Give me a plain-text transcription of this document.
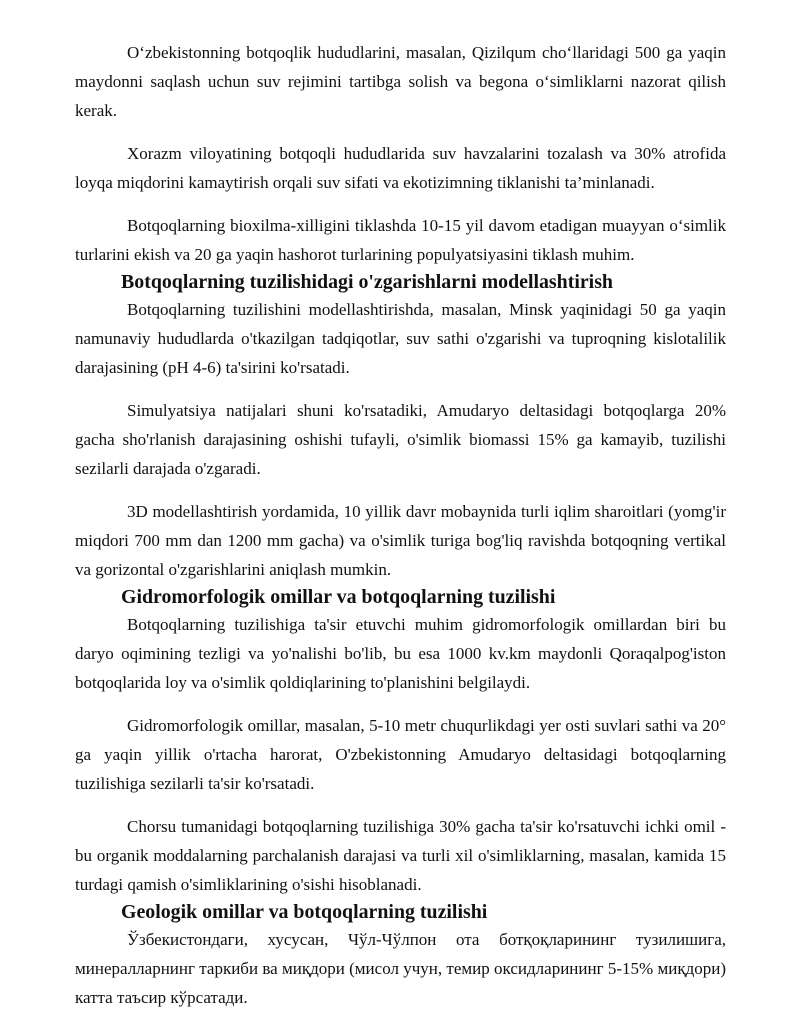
Oʻzbekistonning botqoqlik hududlarini, masalan, Qizilqum choʻllaridagi 500 ga yaqin maydonni saqlash uchun suv rejimini tartibga solish va begona oʻsimliklarni nazorat qilish kerak.

Xorazm viloyatining botqoqli hududlarida suv havzalarini tozalash va 30% atrofida loyqa miqdorini kamaytirish orqali suv sifati va ekotizimning tiklanishi ta’minlanadi.

Botqoqlarning bioxilma-xilligini tiklashda 10-15 yil davom etadigan muayyan oʻsimlik turlarini ekish va 20 ga yaqin hashorot turlarining populyatsiyasini tiklash muhim.

Botqoqlarning tuzilishidagi o'zgarishlarni modellashtirish

Botqoqlarning tuzilishini modellashtirishda, masalan, Minsk yaqinidagi 50 ga yaqin namunaviy hududlarda o'tkazilgan tadqiqotlar, suv sathi o'zgarishi va tuproqning kislotalilik darajasining (pH 4-6) ta'sirini ko'rsatadi.

Simulyatsiya natijalari shuni ko'rsatadiki, Amudaryo deltasidagi botqoqlarga 20% gacha sho'rlanish darajasining oshishi tufayli, o'simlik biomassi 15% ga kamayib, tuzilishi sezilarli darajada o'zgaradi.

3D modellashtirish yordamida, 10 yillik davr mobaynida turli iqlim sharoitlari (yomg'ir miqdori 700 mm dan 1200 mm gacha) va o'simlik turiga bog'liq ravishda botqoqning vertikal va gorizontal o'zgarishlarini aniqlash mumkin.

Gidromorfologik omillar va botqoqlarning tuzilishi

Botqoqlarning tuzilishiga ta'sir etuvchi muhim gidromorfologik omillardan biri bu daryo oqimining tezligi va yo'nalishi bo'lib, bu esa 1000 kv.km maydonli Qoraqalpog'iston botqoqlarida loy va o'simlik qoldiqlarining to'planishini belgilaydi.

Gidromorfologik omillar, masalan, 5-10 metr chuqurlikdagi yer osti suvlari sathi va 20° ga yaqin yillik o'rtacha harorat, O'zbekistonning Amudaryo deltasidagi botqoqlarning tuzilishiga sezilarli ta'sir ko'rsatadi.

Chorsu tumanidagi botqoqlarning tuzilishiga 30% gacha ta'sir ko'rsatuvchi ichki omil - bu organik moddalarning parchalanish darajasi va turli xil o'simliklarning, masalan, kamida 15 turdagi qamish o'simliklarining o'sishi hisoblanadi.

Geologik omillar va botqoqlarning tuzilishi

Ўзбекистондаги, хусусан, Чўл-Чўлпон ота ботқоқларининг тузилишига, минералларнинг таркиби ва миқдори (мисол учун, темир оксидларининг 5-15% миқдори) катта таъсир кўрсатади.
